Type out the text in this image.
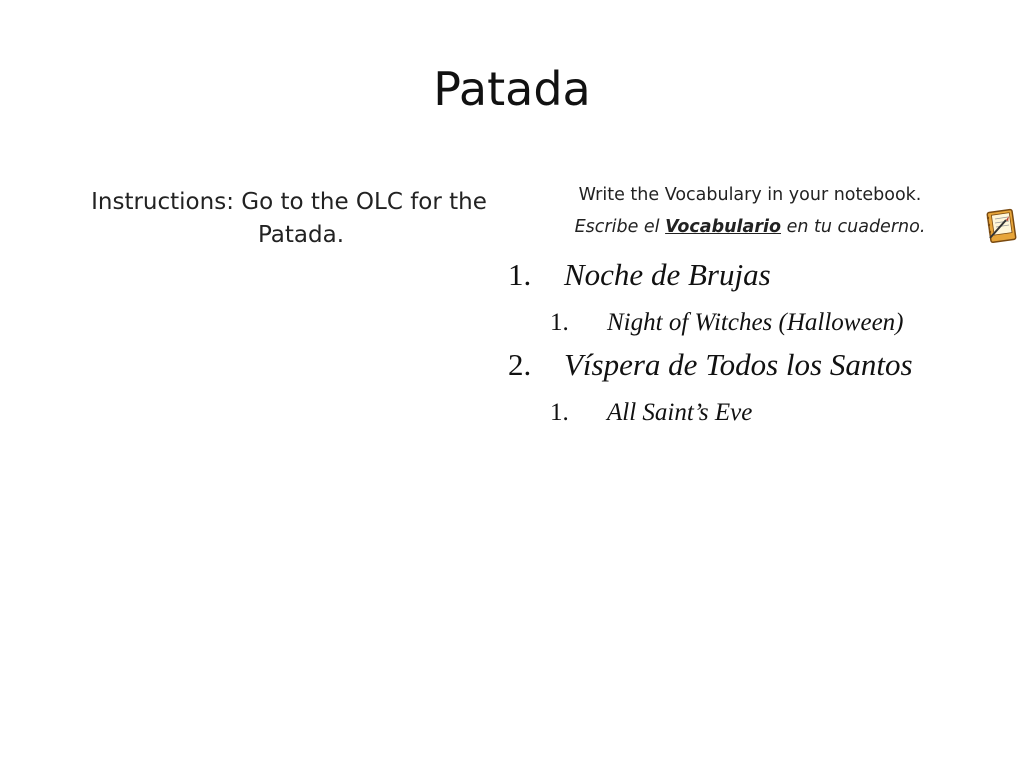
Patada
Instructions: Go to the OLC for the Patada.
Write the Vocabulary in your notebook.
Escribe el Vocabulario en tu cuaderno.
1. Noche de Brujas
1. Night of Witches (Halloween)
2. Víspera de Todos los Santos
1. All Saint’s Eve
